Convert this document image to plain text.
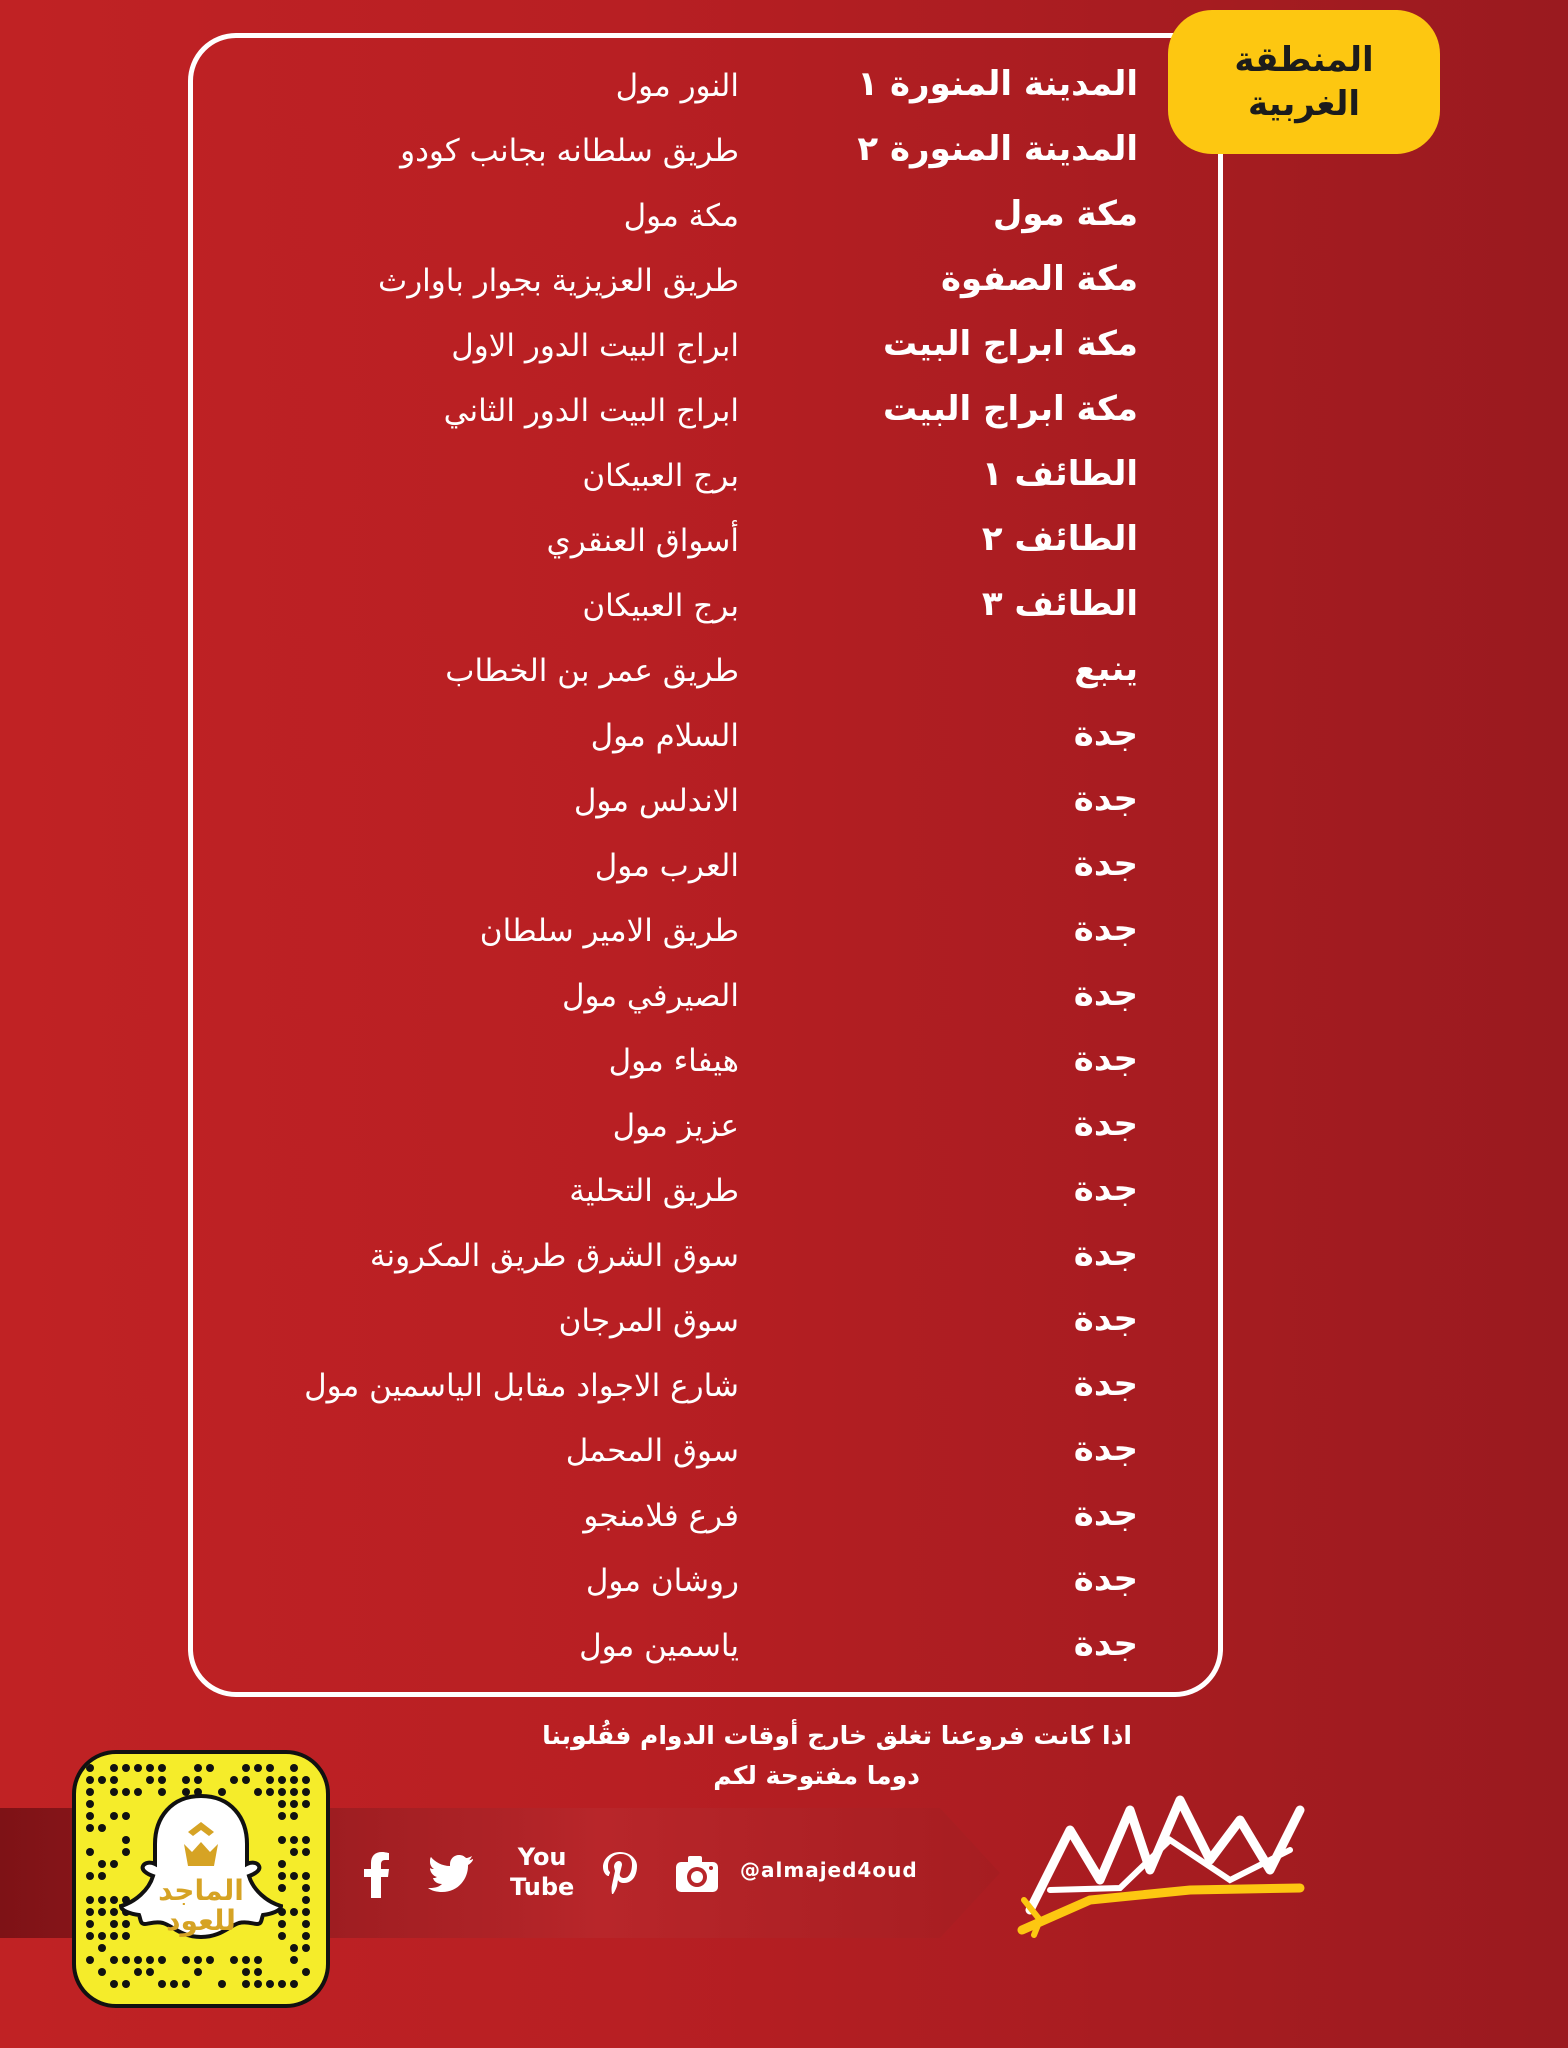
المنطقة
الغربية
المدينة المنورة ١
النور مول
المدينة المنورة ٢
طريق سلطانه بجانب كودو
مكة مول
مكة مول
مكة الصفوة
طريق العزيزية بجوار باوارث
مكة ابراج البيت
ابراج البيت الدور الاول
مكة ابراج البيت
ابراج البيت الدور الثاني
الطائف ١
برج العبيكان
الطائف ٢
أسواق العنقري
الطائف ٣
برج العبيكان
ينبع
طريق عمر بن الخطاب
جدة
السلام مول
جدة
الاندلس مول
جدة
العرب مول
جدة
طريق الامير سلطان
جدة
الصيرفي مول
جدة
هيفاء مول
جدة
عزيز مول
جدة
طريق التحلية
جدة
سوق الشرق طريق المكرونة
جدة
سوق المرجان
جدة
شارع الاجواد مقابل الياسمين مول
جدة
سوق المحمل
جدة
فرع فلامنجو
جدة
روشان مول
جدة
ياسمين مول
اذا كانت فروعنا تغلق خارج أوقات الدوام فقُلوبنا
دوما مفتوحة لكم
You
Tube
@almajed4oud
الماجد
للعود
